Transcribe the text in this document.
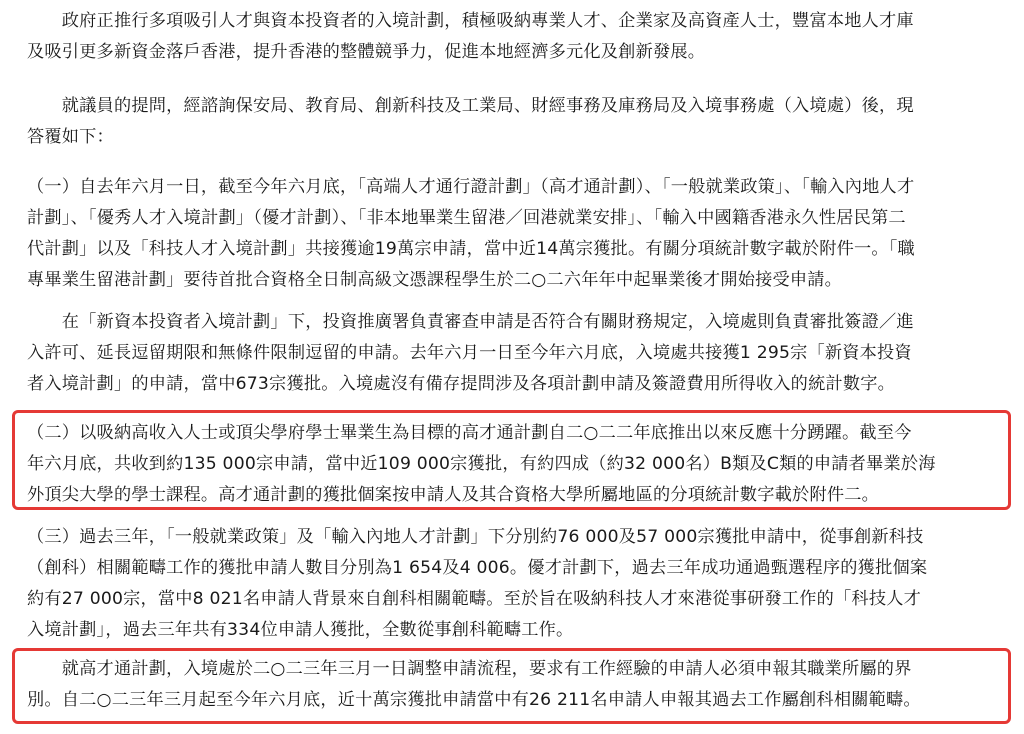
　　政府正推行多項吸引人才與資本投資者的入境計劃，積極吸納專業人才、企業家及高資產人士，豐富本地人才庫
及吸引更多新資金落戶香港，提升香港的整體競爭力，促進本地經濟多元化及創新發展。
　　就議員的提問，經諮詢保安局、教育局、創新科技及工業局、財經事務及庫務局及入境事務處（入境處）後，現
答覆如下：
（一）自去年六月一日，截至今年六月底，「高端人才通行證計劃」（高才通計劃）、「一般就業政策」、「輸入內地人才
計劃」、「優秀人才入境計劃」（優才計劃）、「非本地畢業生留港／回港就業安排」、「輸入中國籍香港永久性居民第二
代計劃」以及「科技人才入境計劃」共接獲逾19萬宗申請，當中近14萬宗獲批。有關分項統計數字載於附件一。「職
專畢業生留港計劃」要待首批合資格全日制高級文憑課程學生於二○二六年年中起畢業後才開始接受申請。
　　在「新資本投資者入境計劃」下，投資推廣署負責審查申請是否符合有關財務規定，入境處則負責審批簽證／進
入許可、延長逗留期限和無條件限制逗留的申請。去年六月一日至今年六月底，入境處共接獲1 295宗「新資本投資
者入境計劃」的申請，當中673宗獲批。入境處沒有備存提問涉及各項計劃申請及簽證費用所得收入的統計數字。
（二）以吸納高收入人士或頂尖學府學士畢業生為目標的高才通計劃自二○二二年底推出以來反應十分踴躍。截至今
年六月底，共收到約135 000宗申請，當中近109 000宗獲批，有約四成（約32 000名）B類及C類的申請者畢業於海
外頂尖大學的學士課程。高才通計劃的獲批個案按申請人及其合資格大學所屬地區的分項統計數字載於附件二。
（三）過去三年，「一般就業政策」及「輸入內地人才計劃」下分別約76 000及57 000宗獲批申請中，從事創新科技
（創科）相關範疇工作的獲批申請人數目分別為1 654及4 006。優才計劃下，過去三年成功通過甄選程序的獲批個案
約有27 000宗，當中8 021名申請人背景來自創科相關範疇。至於旨在吸納科技人才來港從事研發工作的「科技人才
入境計劃」，過去三年共有334位申請人獲批，全數從事創科範疇工作。
　　就高才通計劃，入境處於二○二三年三月一日調整申請流程，要求有工作經驗的申請人必須申報其職業所屬的界
別。自二○二三年三月起至今年六月底，近十萬宗獲批申請當中有26 211名申請人申報其過去工作屬創科相關範疇。
